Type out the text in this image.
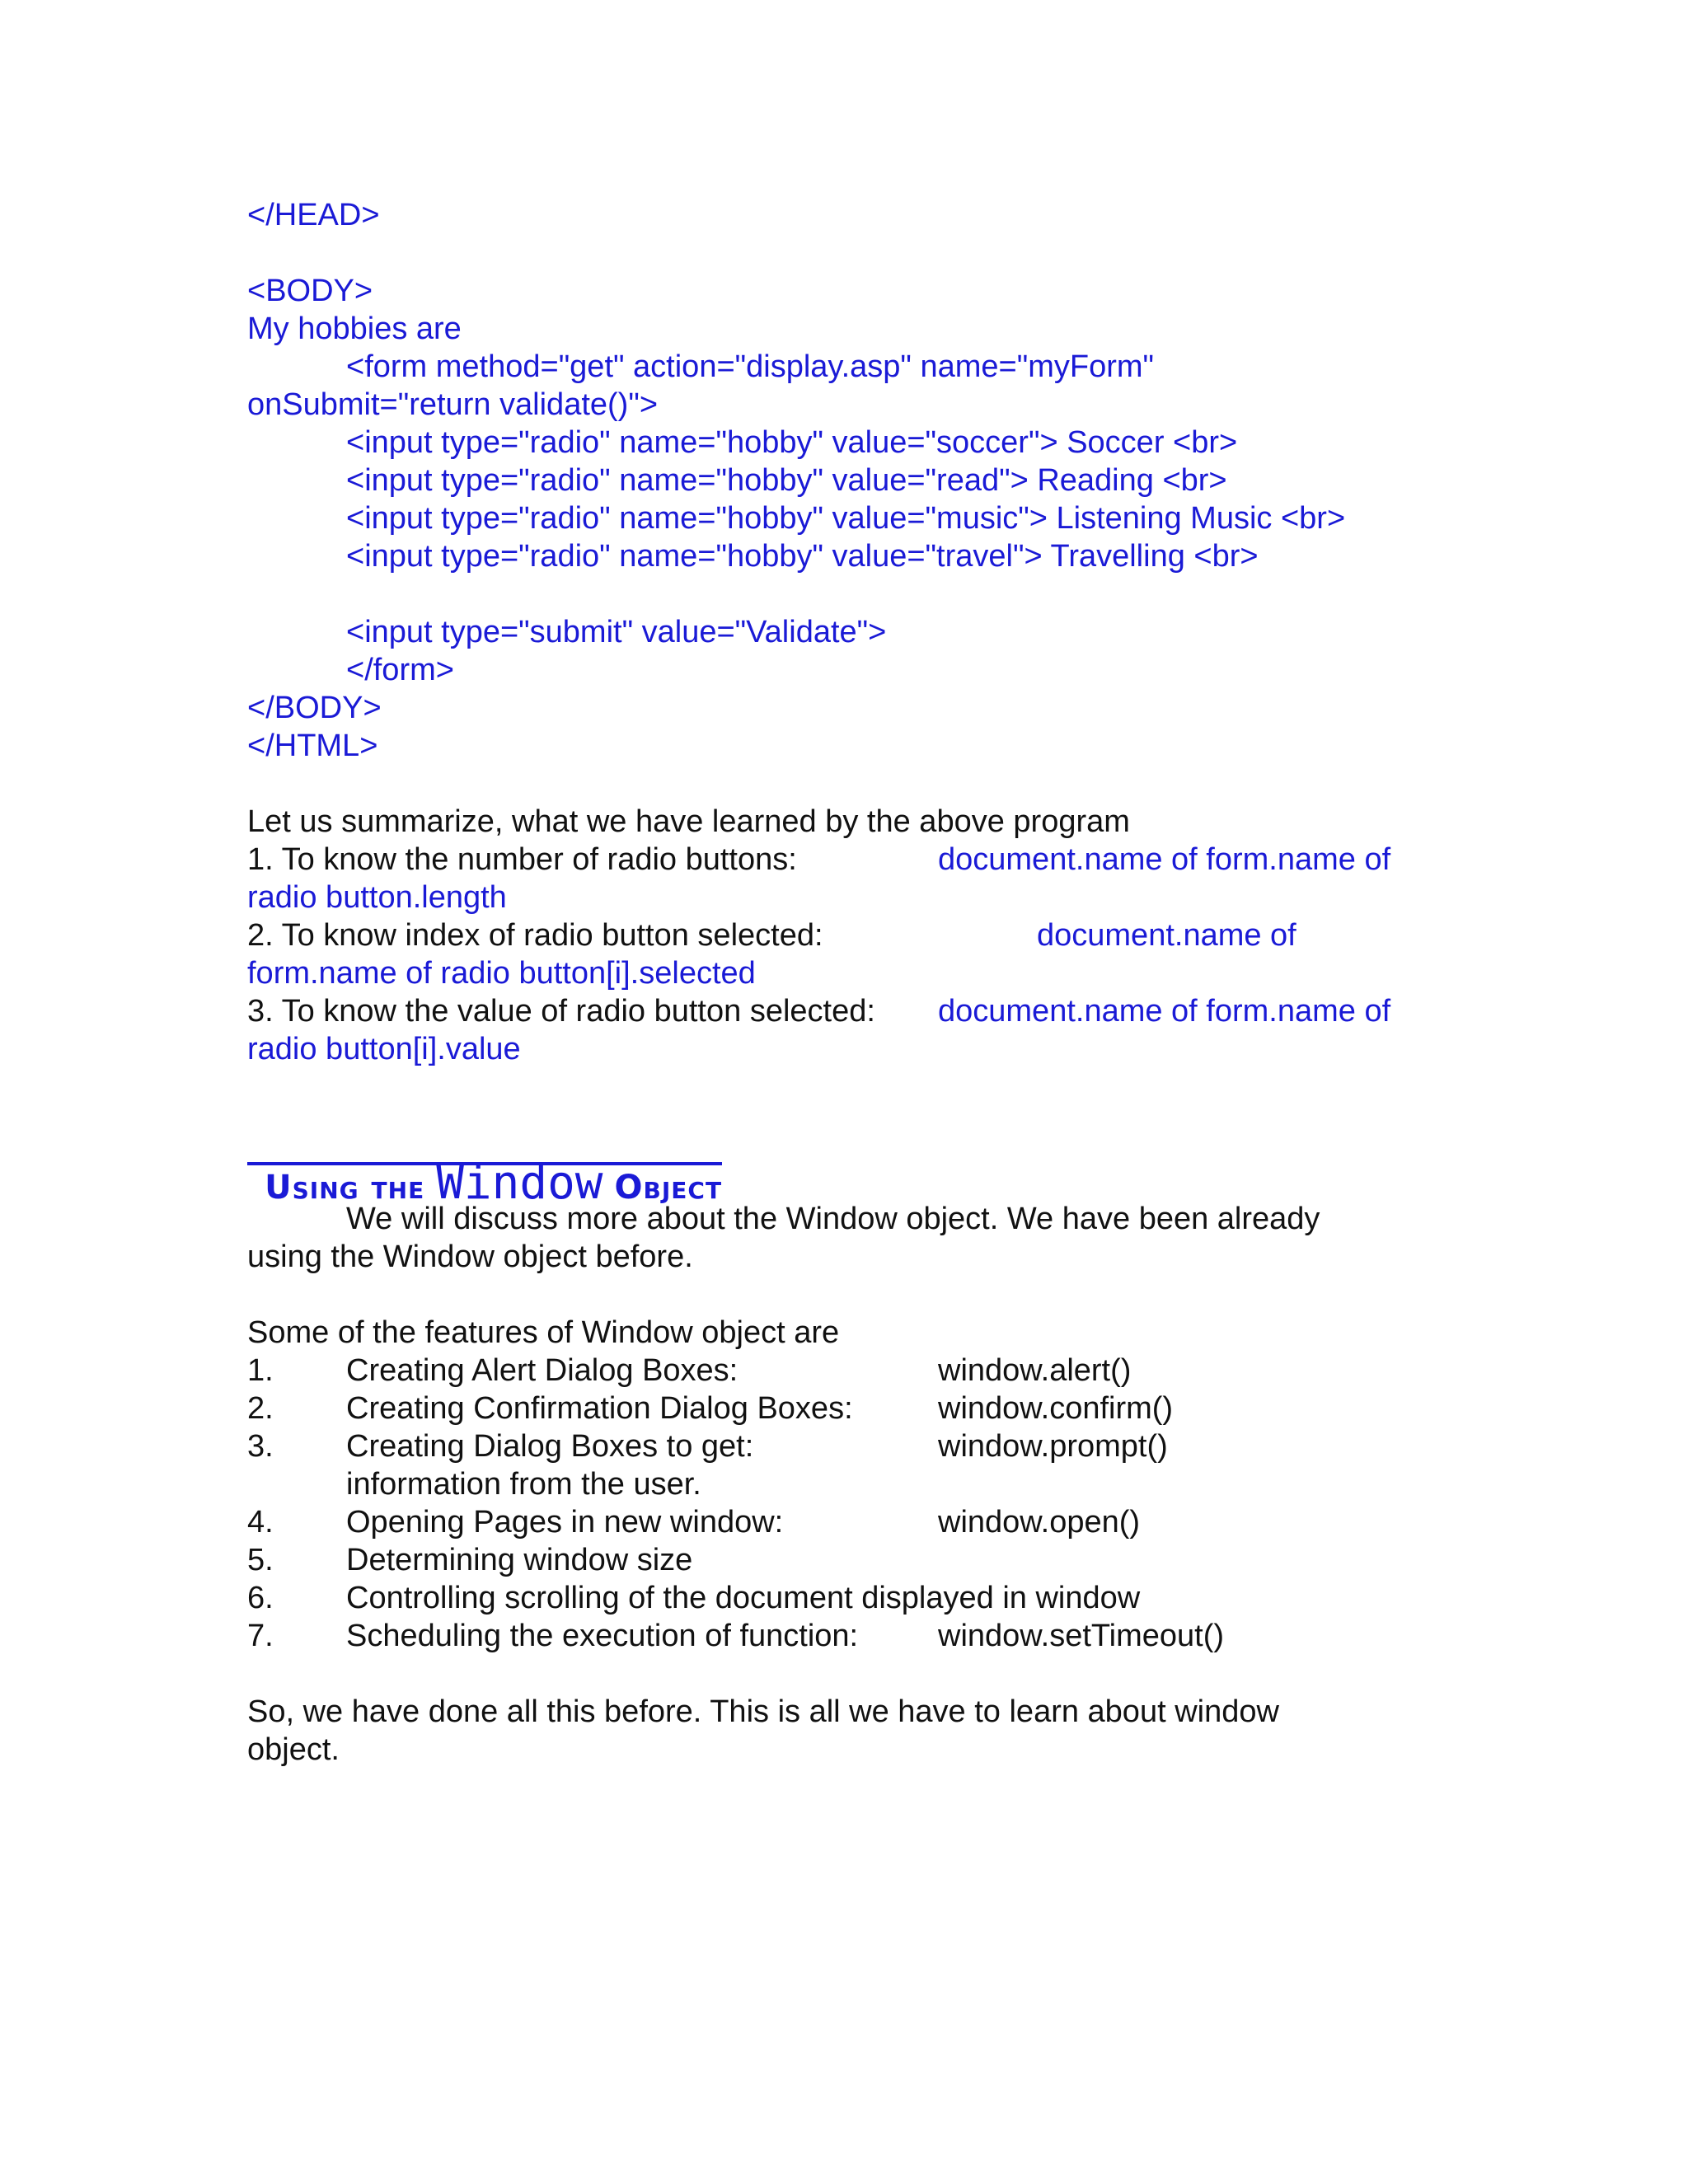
</HEAD>
<BODY>
My hobbies are
<form method="get" action="display.asp" name="myForm"
onSubmit="return validate()">
<input type="radio" name="hobby" value="soccer"> Soccer <br>
<input type="radio" name="hobby" value="read"> Reading <br>
<input type="radio" name="hobby" value="music"> Listening Music <br>
<input type="radio" name="hobby" value="travel"> Travelling <br>
<input type="submit" value="Validate">
</form>
</BODY>
</HTML>
Let us summarize, what we have learned by the above program
1. To know the number of radio buttons:	document.name of form.name of
radio button.length
2. To know index of radio button selected:	document.name of
form.name of radio button[i].selected
3. To know the value of radio button selected: document.name of form.name of
radio button[i].value

Using the Window Object

We will discuss more about the Window object. We have been already
using the Window object before.
Some of the features of Window object are
1. Creating Alert Dialog Boxes:	window.alert()
2. Creating Confirmation Dialog Boxes:	window.confirm()
3. Creating Dialog Boxes to get:	window.prompt()
information from the user.
4. Opening Pages in new window:	window.open()
5. Determining window size
6. Controlling scrolling of the document displayed in window
7. Scheduling the execution of function:	window.setTimeout()
So, we have done all this before. This is all we have to learn about window
object.
